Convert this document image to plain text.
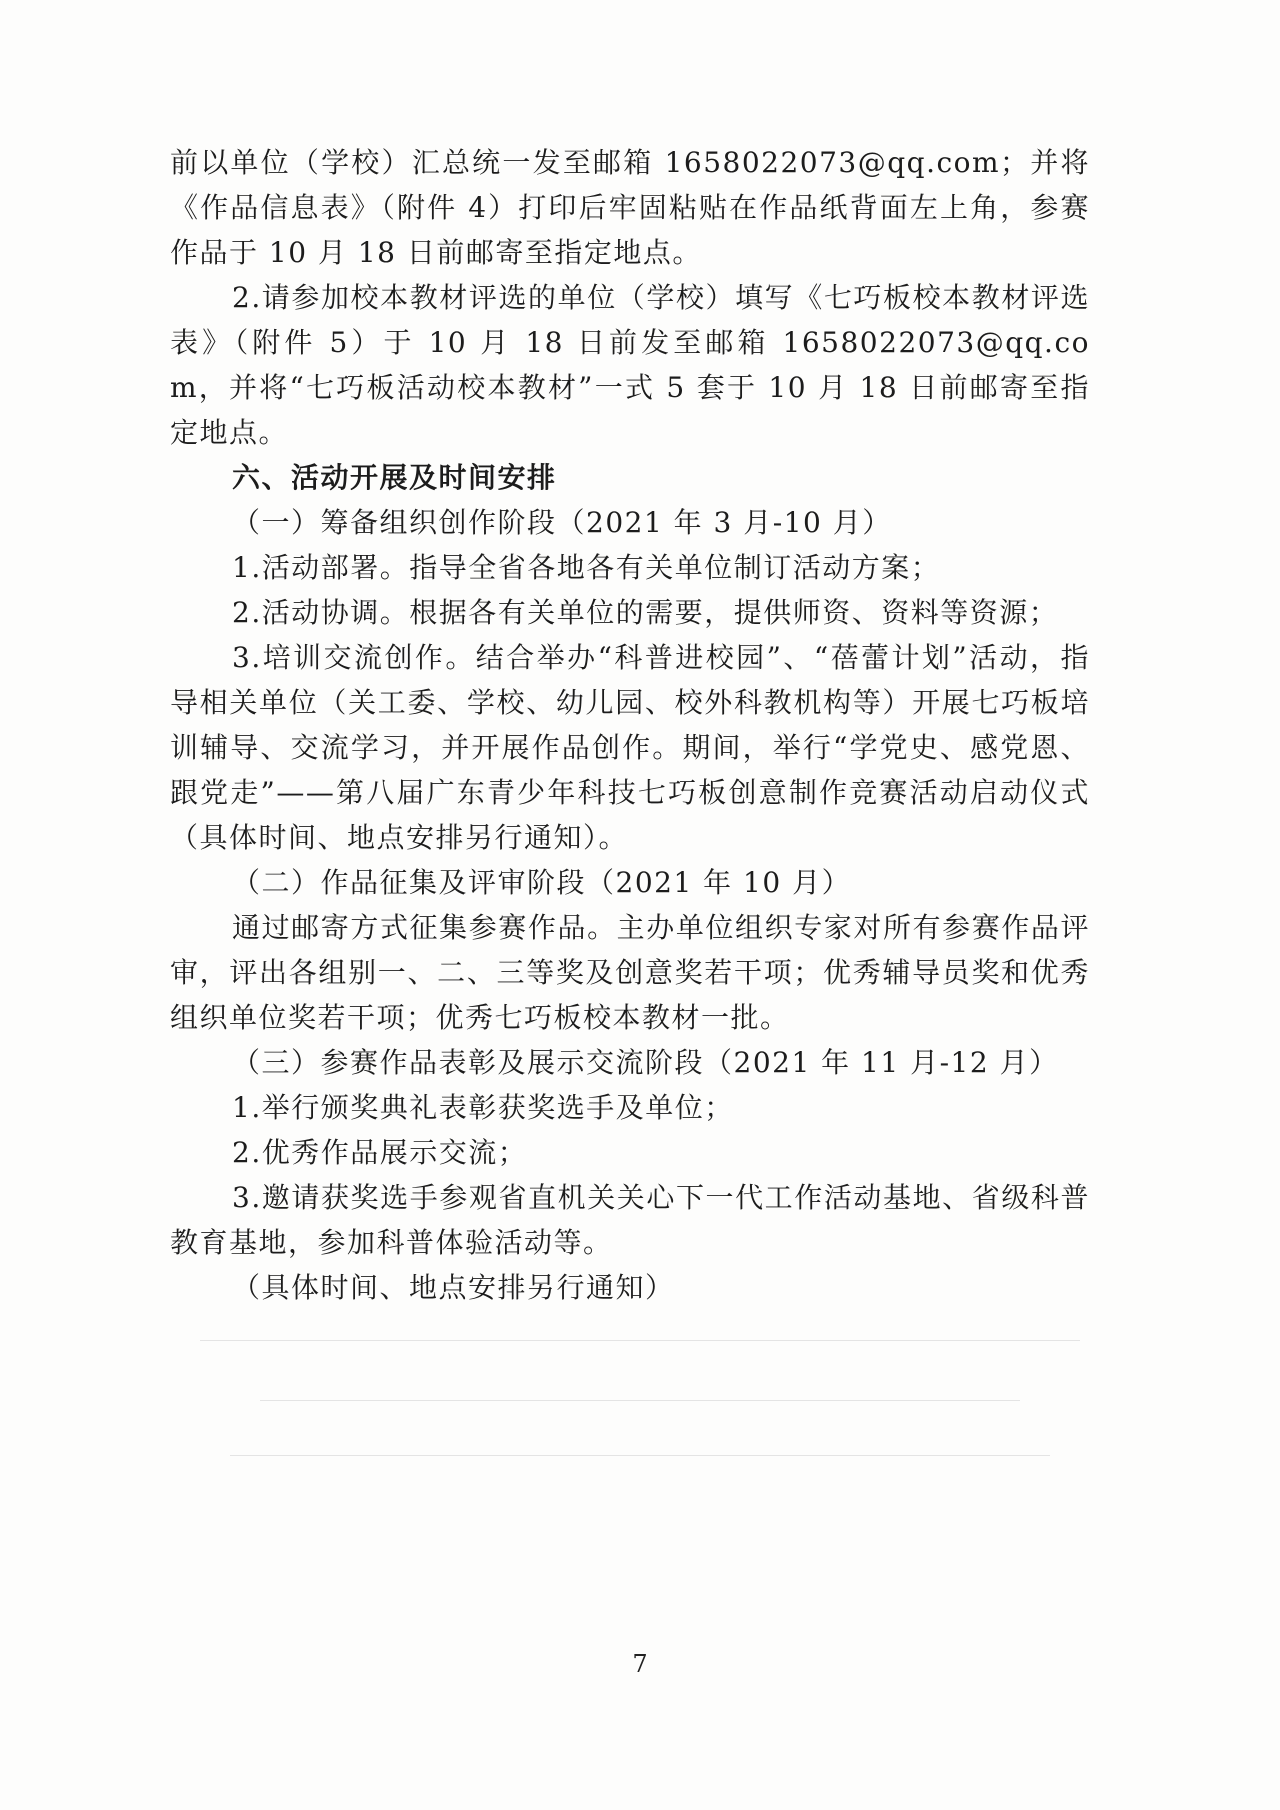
前以单位（学校）汇总统一发至邮箱 1658022073@qq.com；并将《作品信息表》（附件 4）打印后牢固粘贴在作品纸背面左上角，参赛作品于 10 月 18 日前邮寄至指定地点。

2.请参加校本教材评选的单位（学校）填写《七巧板校本教材评选表》（附件 5）于 10 月 18 日前发至邮箱 1658022073@qq.com，并将“七巧板活动校本教材”一式 5 套于 10 月 18 日前邮寄至指定地点。

六、活动开展及时间安排

（一）筹备组织创作阶段（2021 年 3 月-10 月）

1.活动部署。指导全省各地各有关单位制订活动方案；

2.活动协调。根据各有关单位的需要，提供师资、资料等资源；

3.培训交流创作。结合举办“科普进校园”、“蓓蕾计划”活动，指导相关单位（关工委、学校、幼儿园、校外科教机构等）开展七巧板培训辅导、交流学习，并开展作品创作。期间，举行“学党史、感党恩、跟党走”——第八届广东青少年科技七巧板创意制作竞赛活动启动仪式（具体时间、地点安排另行通知）。

（二）作品征集及评审阶段（2021 年 10 月）

通过邮寄方式征集参赛作品。主办单位组织专家对所有参赛作品评审，评出各组别一、二、三等奖及创意奖若干项；优秀辅导员奖和优秀组织单位奖若干项；优秀七巧板校本教材一批。

（三）参赛作品表彰及展示交流阶段（2021 年 11 月-12 月）

1.举行颁奖典礼表彰获奖选手及单位；

2.优秀作品展示交流；

3.邀请获奖选手参观省直机关关心下一代工作活动基地、省级科普教育基地，参加科普体验活动等。

（具体时间、地点安排另行通知）

7
